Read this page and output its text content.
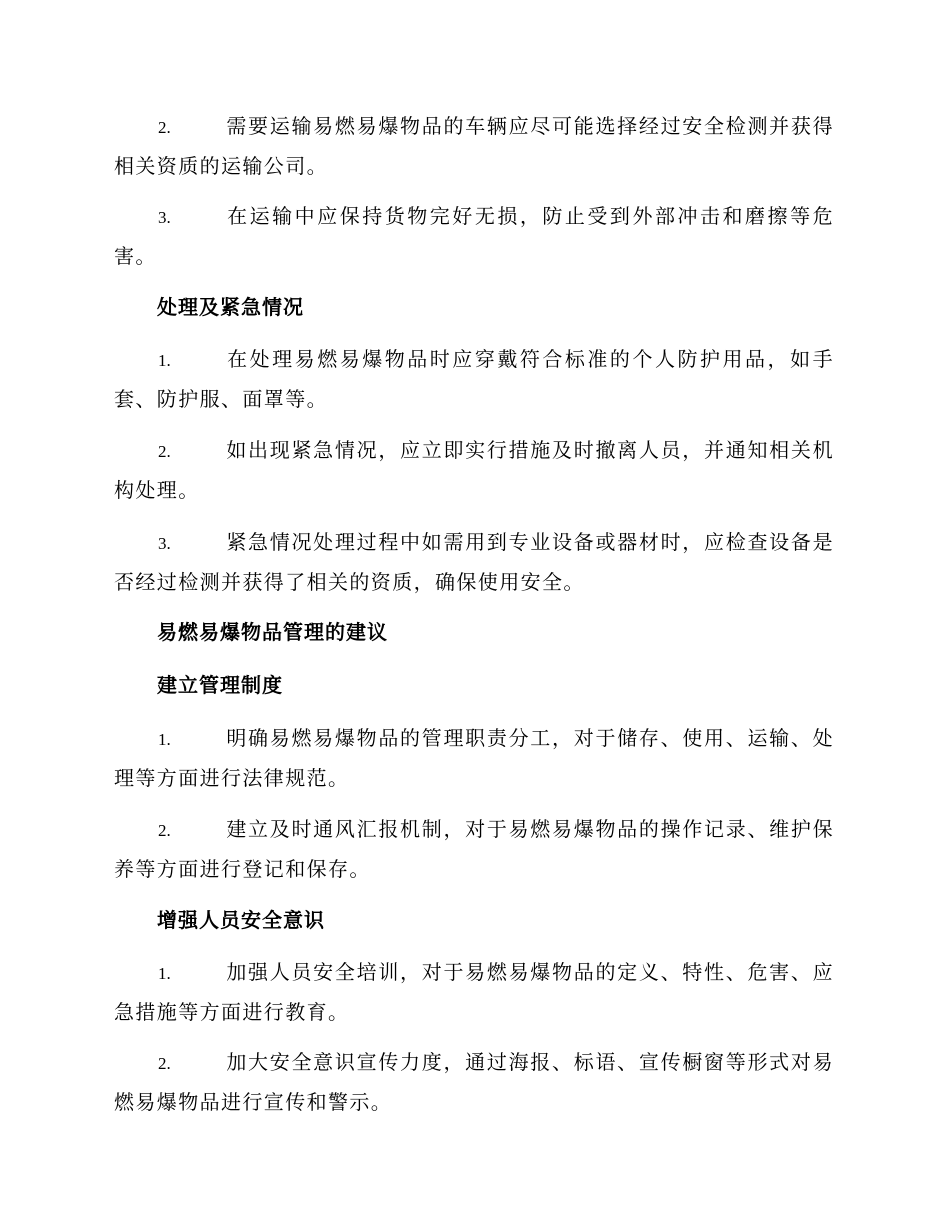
2.	需要运输易燃易爆物品的车辆应尽可能选择经过安全检测并获得相关资质的运输公司。
3.	在运输中应保持货物完好无损，防止受到外部冲击和磨擦等危害。
处理及紧急情况
1.	在处理易燃易爆物品时应穿戴符合标准的个人防护用品，如手套、防护服、面罩等。
2.	如出现紧急情况，应立即实行措施及时撤离人员，并通知相关机构处理。
3.	紧急情况处理过程中如需用到专业设备或器材时，应检查设备是否经过检测并获得了相关的资质，确保使用安全。
易燃易爆物品管理的建议
建立管理制度
1.	明确易燃易爆物品的管理职责分工，对于储存、使用、运输、处理等方面进行法律规范。
2.	建立及时通风汇报机制，对于易燃易爆物品的操作记录、维护保养等方面进行登记和保存。
增强人员安全意识
1.	加强人员安全培训，对于易燃易爆物品的定义、特性、危害、应急措施等方面进行教育。
2.	加大安全意识宣传力度，通过海报、标语、宣传橱窗等形式对易燃易爆物品进行宣传和警示。
